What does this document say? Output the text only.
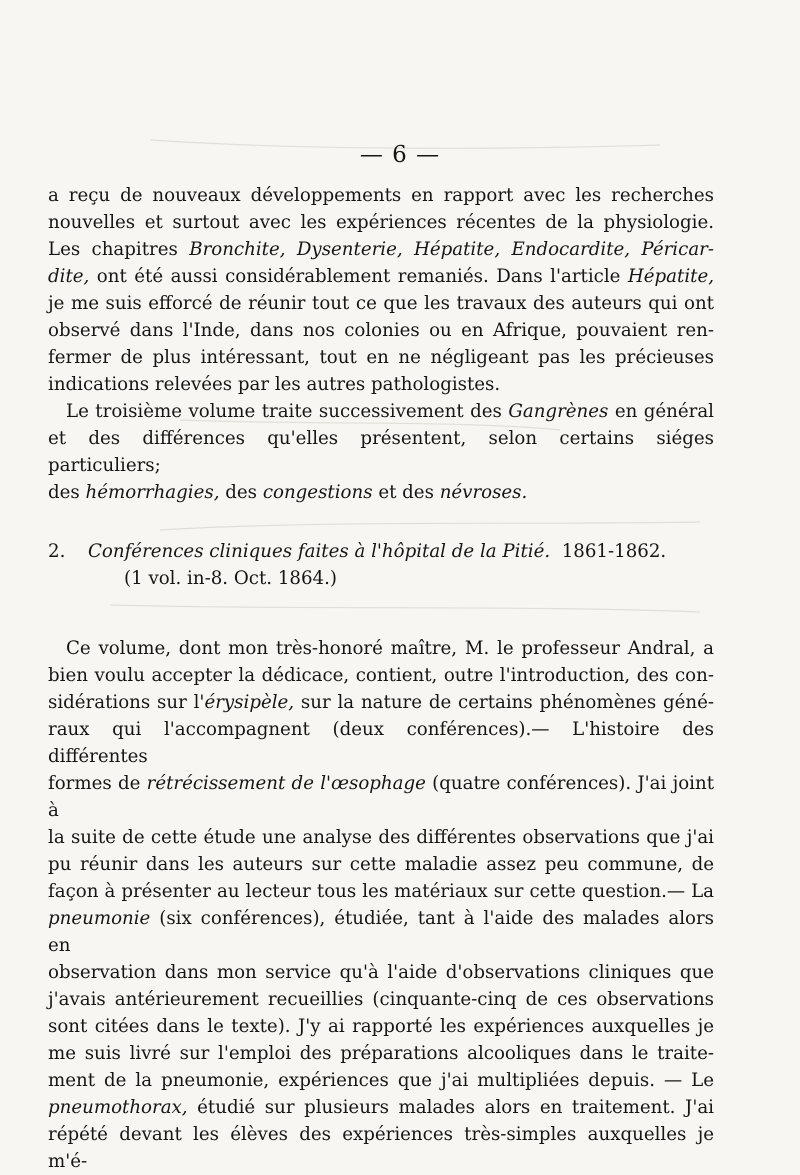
— 6 —

a reçu de nouveaux développements en rapport avec les recherches

nouvelles et surtout avec les expériences récentes de la physiologie.

Les chapitres Bronchite, Dysenterie, Hépatite, Endocardite, Péricar-

dite, ont été aussi considérablement remaniés. Dans l'article Hépatite,

je me suis efforcé de réunir tout ce que les travaux des auteurs qui ont

observé dans l'Inde, dans nos colonies ou en Afrique, pouvaient ren-

fermer de plus intéressant, tout en ne négligeant pas les précieuses

indications relevées par les autres pathologistes.

Le troisième volume traite successivement des Gangrènes en général

et des différences qu'elles présentent, selon certains siéges particuliers;

des hémorrhagies, des congestions et des névroses.

2. Conférences cliniques faites à l'hôpital de la Pitié. 1861-1862.

(1 vol. in-8. Oct. 1864.)

Ce volume, dont mon très-honoré maître, M. le professeur Andral, a

bien voulu accepter la dédicace, contient, outre l'introduction, des con-

sidérations sur l'érysipèle, sur la nature de certains phénomènes géné-

raux qui l'accompagnent (deux conférences).— L'histoire des différentes

formes de rétrécissement de l'œsophage (quatre conférences). J'ai joint à

la suite de cette étude une analyse des différentes observations que j'ai

pu réunir dans les auteurs sur cette maladie assez peu commune, de

façon à présenter au lecteur tous les matériaux sur cette question.— La

pneumonie (six conférences), étudiée, tant à l'aide des malades alors en

observation dans mon service qu'à l'aide d'observations cliniques que

j'avais antérieurement recueillies (cinquante-cinq de ces observations

sont citées dans le texte). J'y ai rapporté les expériences auxquelles je

me suis livré sur l'emploi des préparations alcooliques dans le traite-

ment de la pneumonie, expériences que j'ai multipliées depuis. — Le

pneumothorax, étudié sur plusieurs malades alors en traitement. J'ai

répété devant les élèves des expériences très-simples auxquelles je m'é-
